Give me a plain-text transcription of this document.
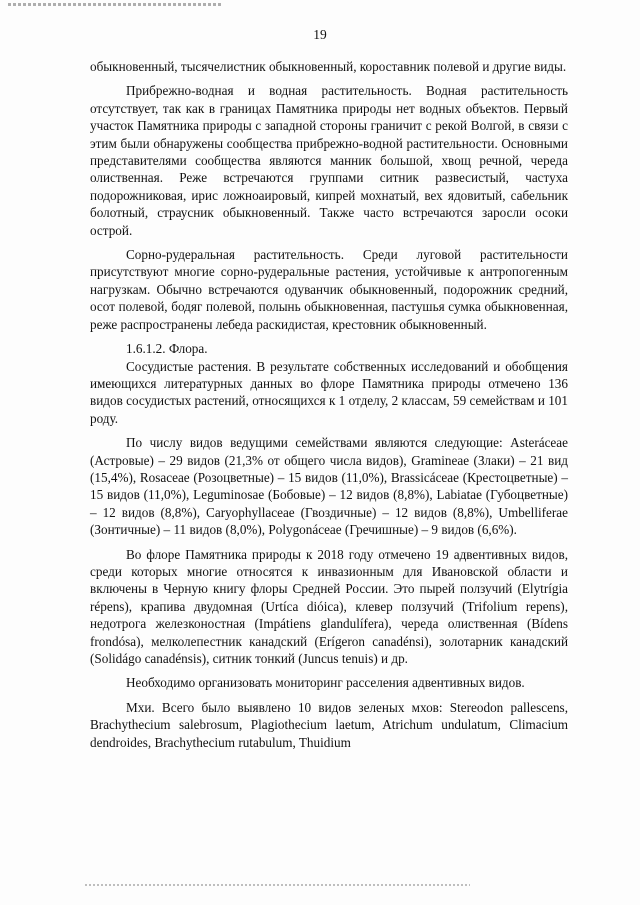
19

обыкновенный, тысячелистник обыкновенный, короставник полевой и другие виды.

Прибрежно-водная и водная растительность. Водная растительность отсутствует, так как в границах Памятника природы нет водных объектов. Первый участок Памятника природы с западной стороны граничит с рекой Волгой, в связи с этим были обнаружены сообщества прибрежно-водной растительности. Основными представителями сообщества являются манник большой, хвощ речной, череда олиственная. Реже встречаются группами ситник развесистый, частуха подорожниковая, ирис ложноаировый, кипрей мохнатый, вех ядовитый, сабельник болотный, страусник обыкновенный. Также часто встречаются заросли осоки острой.

Сорно-рудеральная растительность. Среди луговой растительности присутствуют многие сорно-рудеральные растения, устойчивые к антропогенным нагрузкам. Обычно встречаются одуванчик обыкновенный, подорожник средний, осот полевой, бодяг полевой, полынь обыкновенная, пастушья сумка обыкновенная, реже распространены лебеда раскидистая, крестовник обыкновенный.

1.6.1.2. Флора.

Сосудистые растения. В результате собственных исследований и обобщения имеющихся литературных данных во флоре Памятника природы отмечено 136 видов сосудистых растений, относящихся к 1 отделу, 2 классам, 59 семействам и 101 роду.

По числу видов ведущими семействами являются следующие: Asteráceae (Астровые) – 29 видов (21,3% от общего числа видов), Gramineae (Злаки) – 21 вид (15,4%), Rosaceae (Розоцветные) – 15 видов (11,0%), Brassicáceae (Крестоцветные) – 15 видов (11,0%), Leguminosae (Бобовые) – 12 видов (8,8%), Labiatae (Губоцветные) – 12 видов (8,8%), Caryophyllaceae (Гвоздичные) – 12 видов (8,8%), Umbelliferae (Зонтичные) – 11 видов (8,0%), Polygonáceae (Гречишные) – 9 видов (6,6%).

Во флоре Памятника природы к 2018 году отмечено 19 адвентивных видов, среди которых многие относятся к инвазионным для Ивановской области и включены в Черную книгу флоры Средней России. Это пырей ползучий (Elytrígia répens), крапива двудомная (Urtíca dióica), клевер ползучий (Trifolium repens), недотрога железконостная (Impátiens glandulífera), череда олиственная (Bídens frondósa), мелколепестник канадский (Erígeron canadénsi), золотарник канадский (Solidágo canadénsis), ситник тонкий (Juncus tenuis) и др.

Необходимо организовать мониторинг расселения адвентивных видов.

Мхи. Всего было выявлено 10 видов зеленых мхов: Stereodon pallescens, Brachythecium salebrosum, Plagiothecium laetum, Atrichum undulatum, Climacium dendroides, Brachythecium rutabulum, Thuidium
